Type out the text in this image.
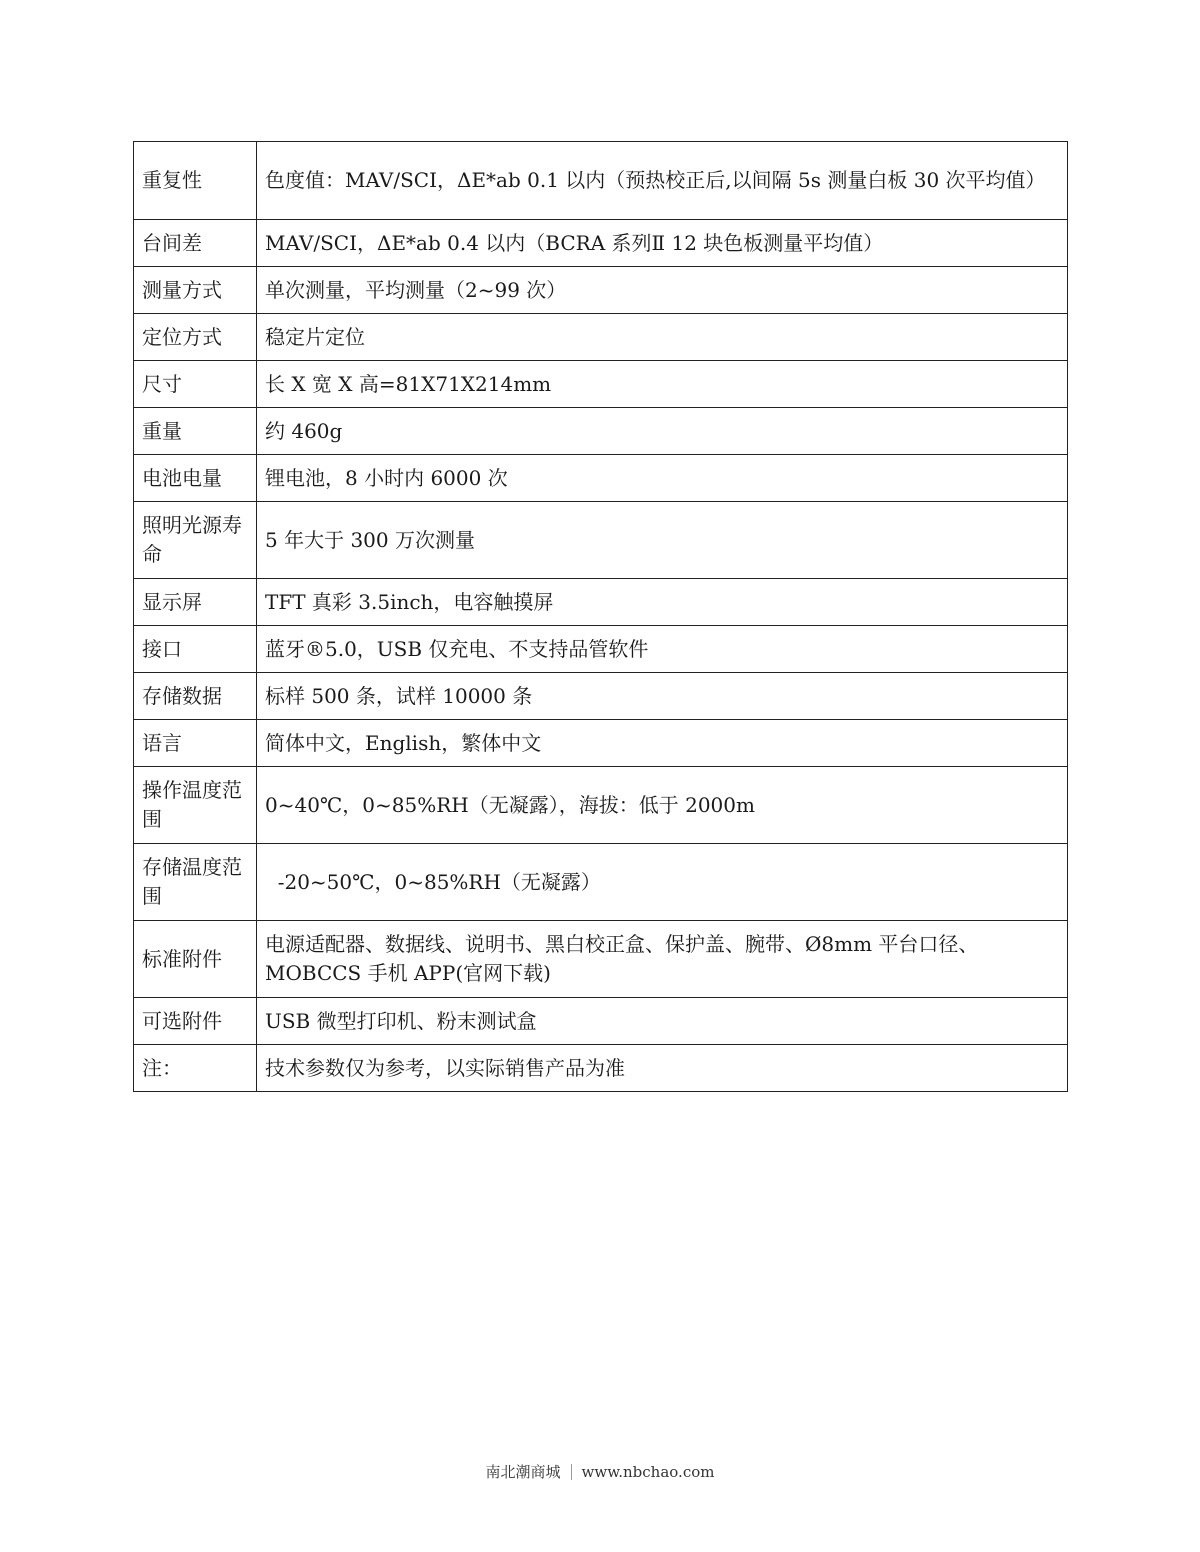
重复性	色度值：MAV/SCI，ΔE*ab 0.1 以内（预热校正后,以间隔 5s 测量白板 30 次平均值）
台间差	MAV/SCI，ΔE*ab 0.4 以内（BCRA 系列Ⅱ 12 块色板测量平均值）
测量方式	单次测量，平均测量（2~99 次）
定位方式	稳定片定位
尺寸	长 X 宽 X 高=81X71X214mm
重量	约 460g
电池电量	锂电池，8 小时内 6000 次
照明光源寿命	5 年大于 300 万次测量
显示屏	TFT 真彩 3.5inch，电容触摸屏
接口	蓝牙®5.0，USB 仅充电、不支持品管软件
存储数据	标样 500 条，试样 10000 条
语言	简体中文，English，繁体中文
操作温度范围	0~40℃，0~85%RH（无凝露），海拔：低于 2000m
存储温度范围	-20~50℃，0~85%RH（无凝露）
标准附件	电源适配器、数据线、说明书、黑白校正盒、保护盖、腕带、Ø8mm 平台口径、MOBCCS 手机 APP(官网下载)
可选附件	USB 微型打印机、粉末测试盒
注：	技术参数仅为参考，以实际销售产品为准
南北潮商城 www.nbchao.com
